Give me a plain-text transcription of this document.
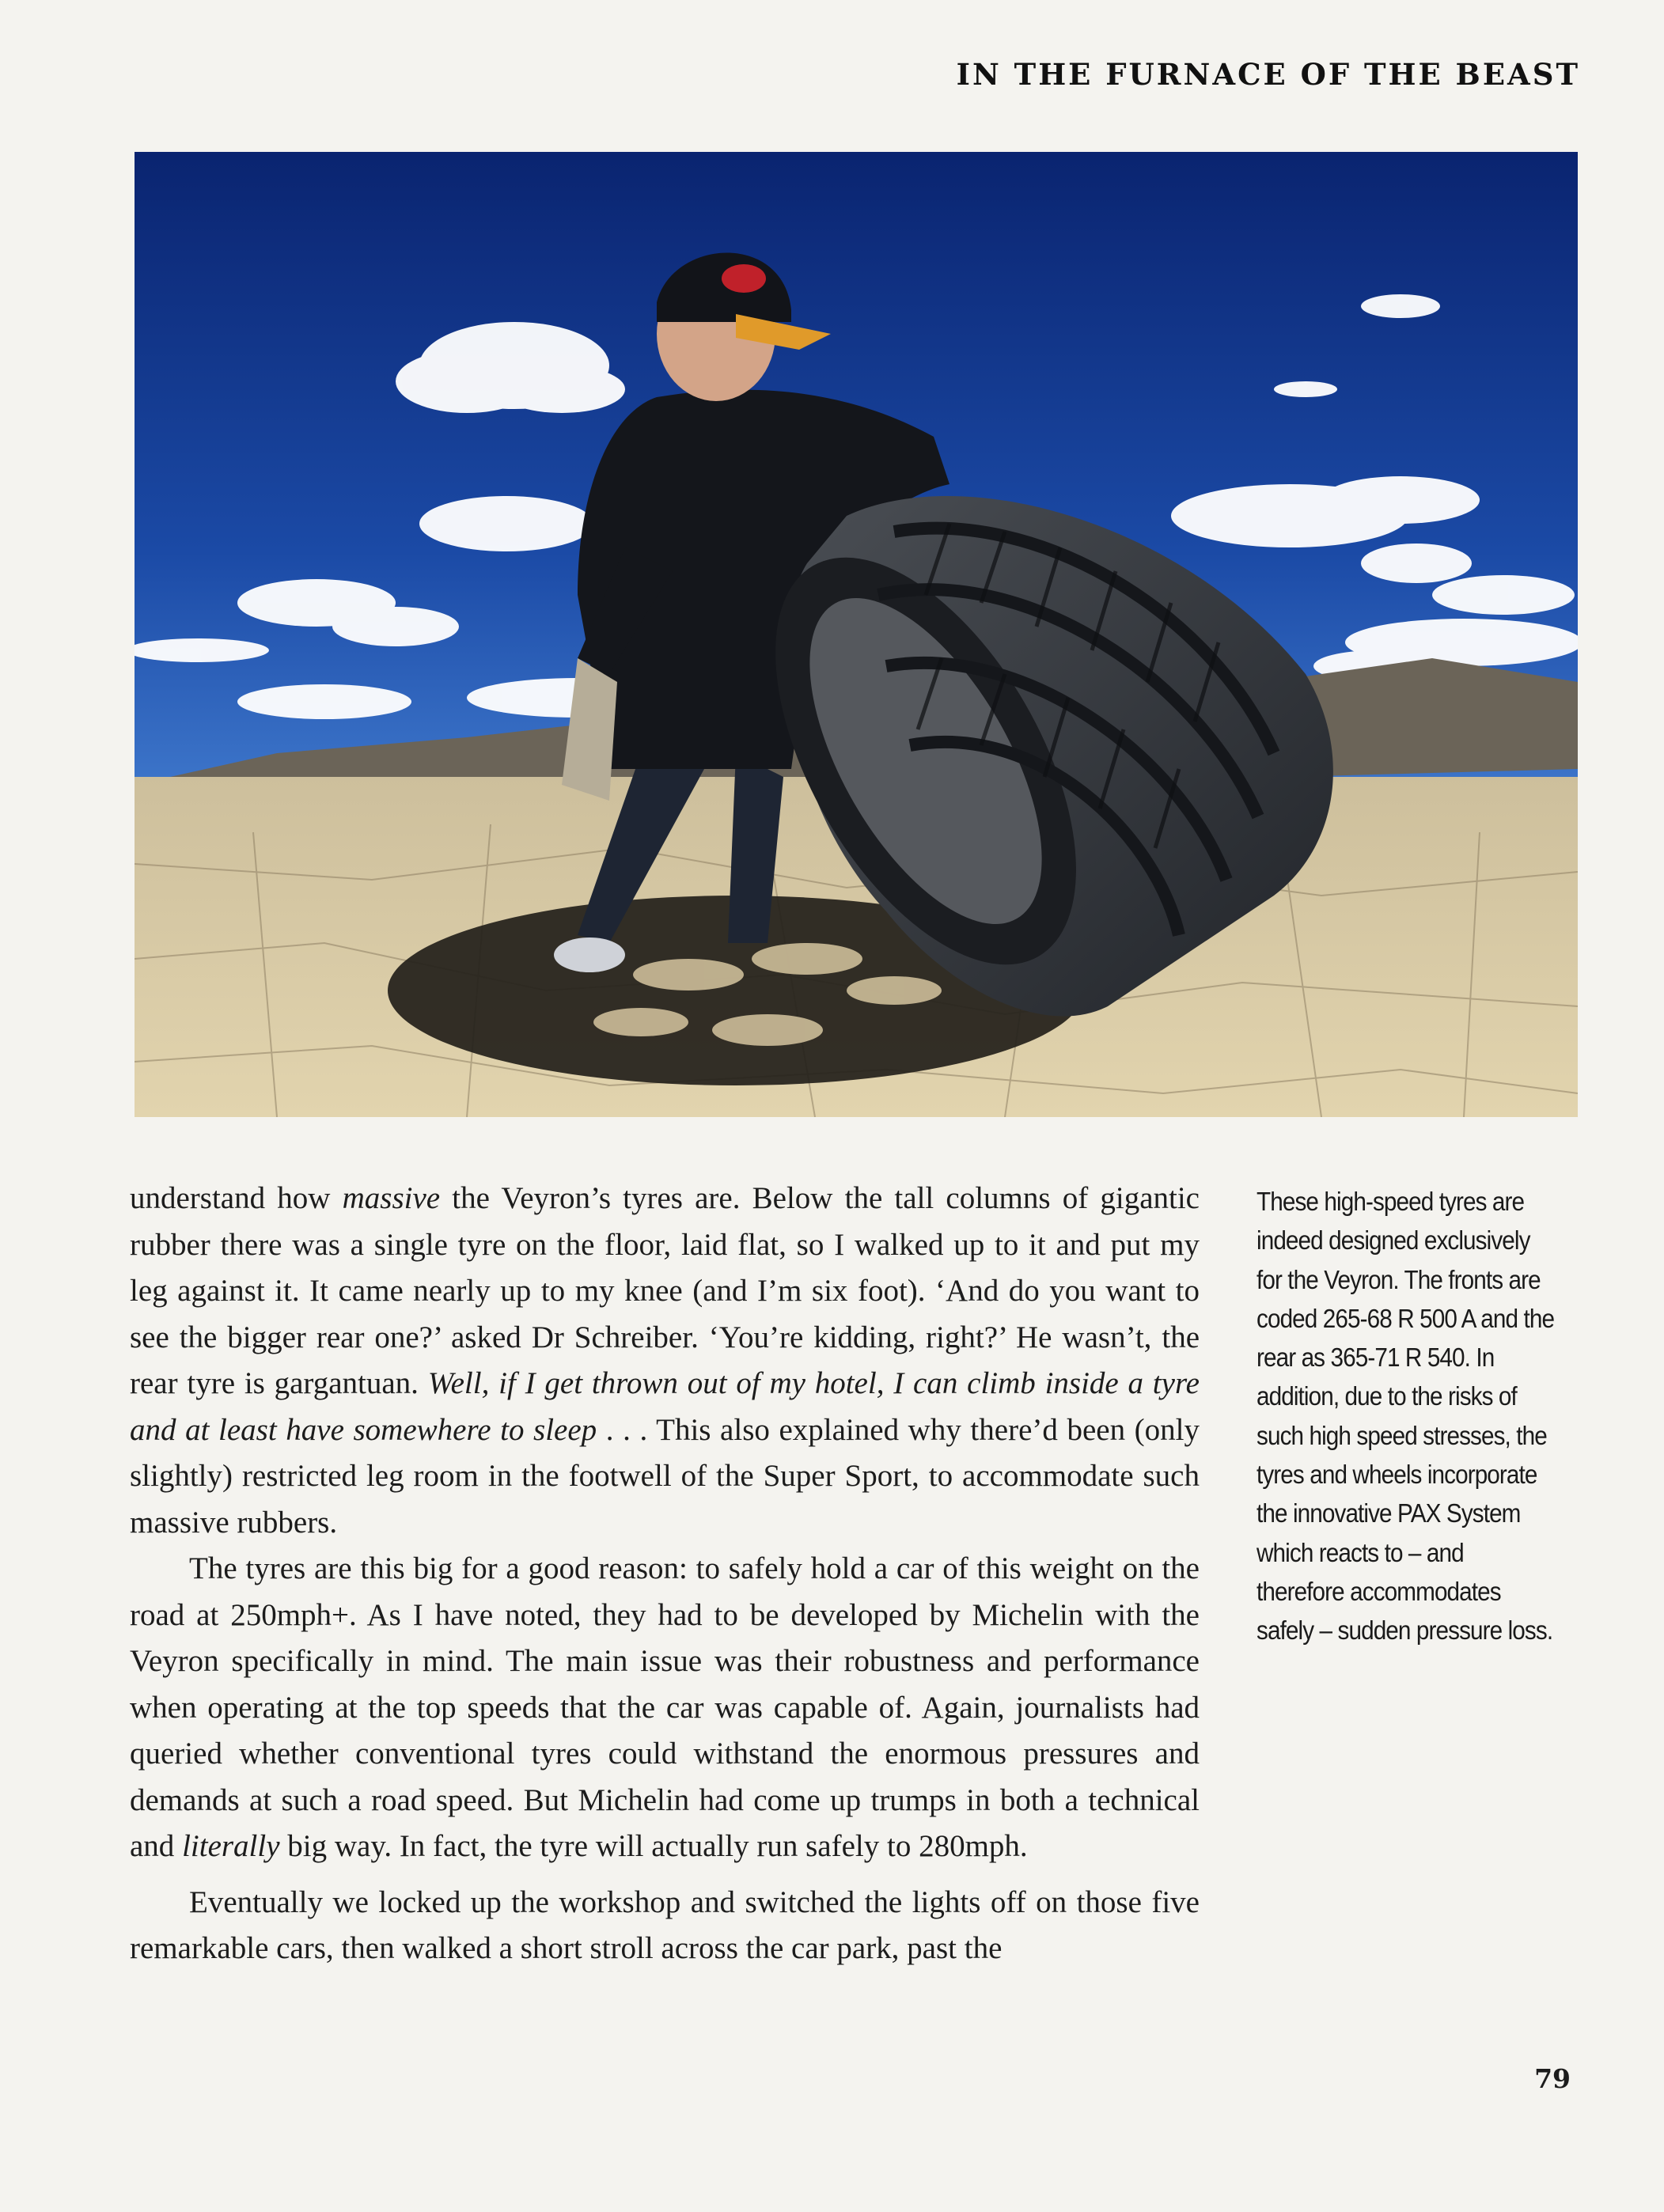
IN THE FURNACE OF THE BEAST

understand how massive the Veyron’s tyres are. Below the tall columns of gigantic rubber there was a single tyre on the floor, laid flat, so I walked up to it and put my leg against it. It came nearly up to my knee (and I’m six foot). ‘And do you want to see the bigger rear one?’ asked Dr Schreiber. ‘You’re kidding, right?’ He wasn’t, the rear tyre is gargantuan. Well, if I get thrown out of my hotel, I can climb inside a tyre and at least have somewhere to sleep . . . This also explained why there’d been (only slightly) restricted leg room in the footwell of the Super Sport, to accommodate such massive rubbers.

The tyres are this big for a good reason: to safely hold a car of this weight on the road at 250mph+. As I have noted, they had to be developed by Michelin with the Veyron specifically in mind. The main issue was their robustness and performance when operating at the top speeds that the car was capable of. Again, journalists had queried whether conventional tyres could withstand the enormous pressures and demands at such a road speed. But Michelin had come up trumps in both a technical and literally big way. In fact, the tyre will actually run safely to 280mph.

Eventually we locked up the workshop and switched the lights off on those five remarkable cars, then walked a short stroll across the car park, past the

These high-speed tyres are indeed designed exclusively for the Veyron. The fronts are coded 265-68 R 500 A and the rear as 365-71 R 540. In addition, due to the risks of such high speed stresses, the tyres and wheels incorporate the innovative PAX System which reacts to – and therefore accommodates safely – sudden pressure loss.
79
